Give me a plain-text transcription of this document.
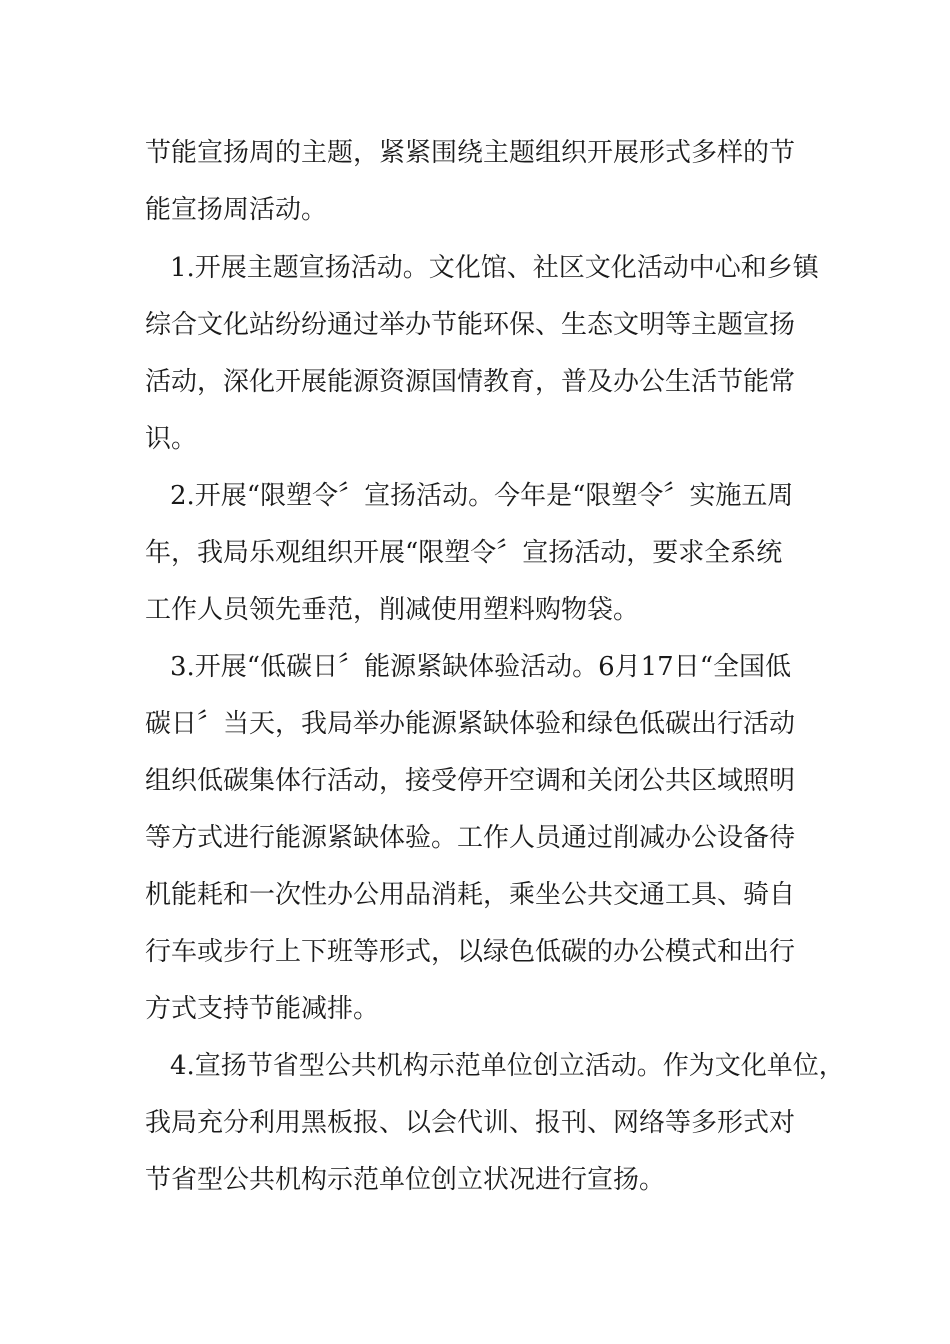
节能宣扬周的主题，紧紧围绕主题组织开展形式多样的节
能宣扬周活动。
1.开展主题宣扬活动。文化馆、社区文化活动中心和乡镇
综合文化站纷纷通过举办节能环保、生态文明等主题宣扬
活动，深化开展能源资源国情教育，普及办公生活节能常
识。
2.开展“限塑令〞宣扬活动。今年是“限塑令〞实施五周
年，我局乐观组织开展“限塑令〞宣扬活动，要求全系统
工作人员领先垂范，削减使用塑料购物袋。
3.开展“低碳日〞能源紧缺体验活动。6月17日“全国低
碳日〞当天，我局举办能源紧缺体验和绿色低碳出行活动
组织低碳集体行活动，接受停开空调和关闭公共区域照明
等方式进行能源紧缺体验。工作人员通过削减办公设备待
机能耗和一次性办公用品消耗，乘坐公共交通工具、骑自
行车或步行上下班等形式，以绿色低碳的办公模式和出行
方式支持节能减排。
4.宣扬节省型公共机构示范单位创立活动。作为文化单位，
我局充分利用黑板报、以会代训、报刊、网络等多形式对
节省型公共机构示范单位创立状况进行宣扬。
